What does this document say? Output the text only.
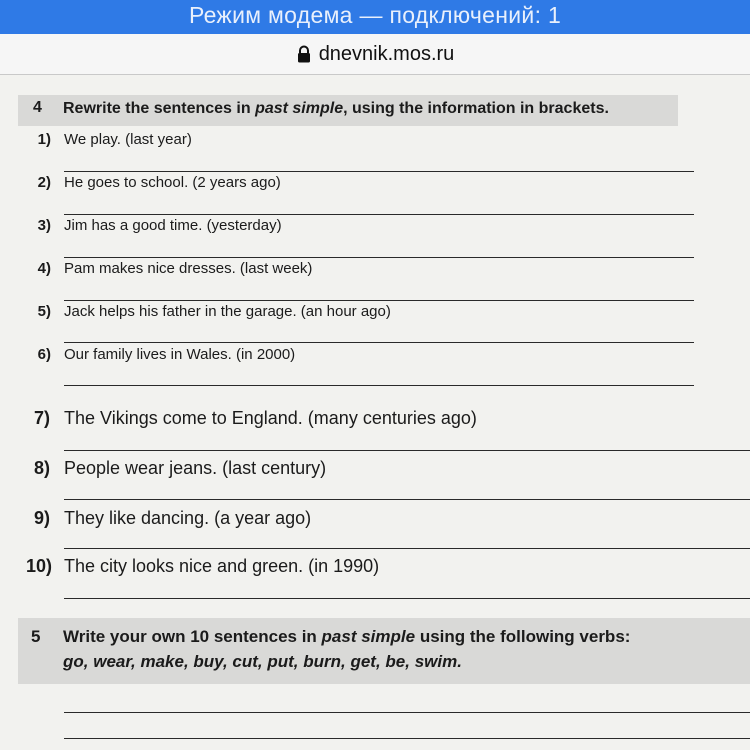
Режим модема — подключений: 1
dnevnik.mos.ru
4 Rewrite the sentences in past simple, using the information in brackets.
1) We play. (last year)
2) He goes to school. (2 years ago)
3) Jim has a good time. (yesterday)
4) Pam makes nice dresses. (last week)
5) Jack helps his father in the garage. (an hour ago)
6) Our family lives in Wales. (in 2000)
7) The Vikings come to England. (many centuries ago)
8) People wear jeans. (last century)
9) They like dancing. (a year ago)
10) The city looks nice and green. (in 1990)
5 Write your own 10 sentences in past simple using the following verbs:
go, wear, make, buy, cut, put, burn, get, be, swim.
